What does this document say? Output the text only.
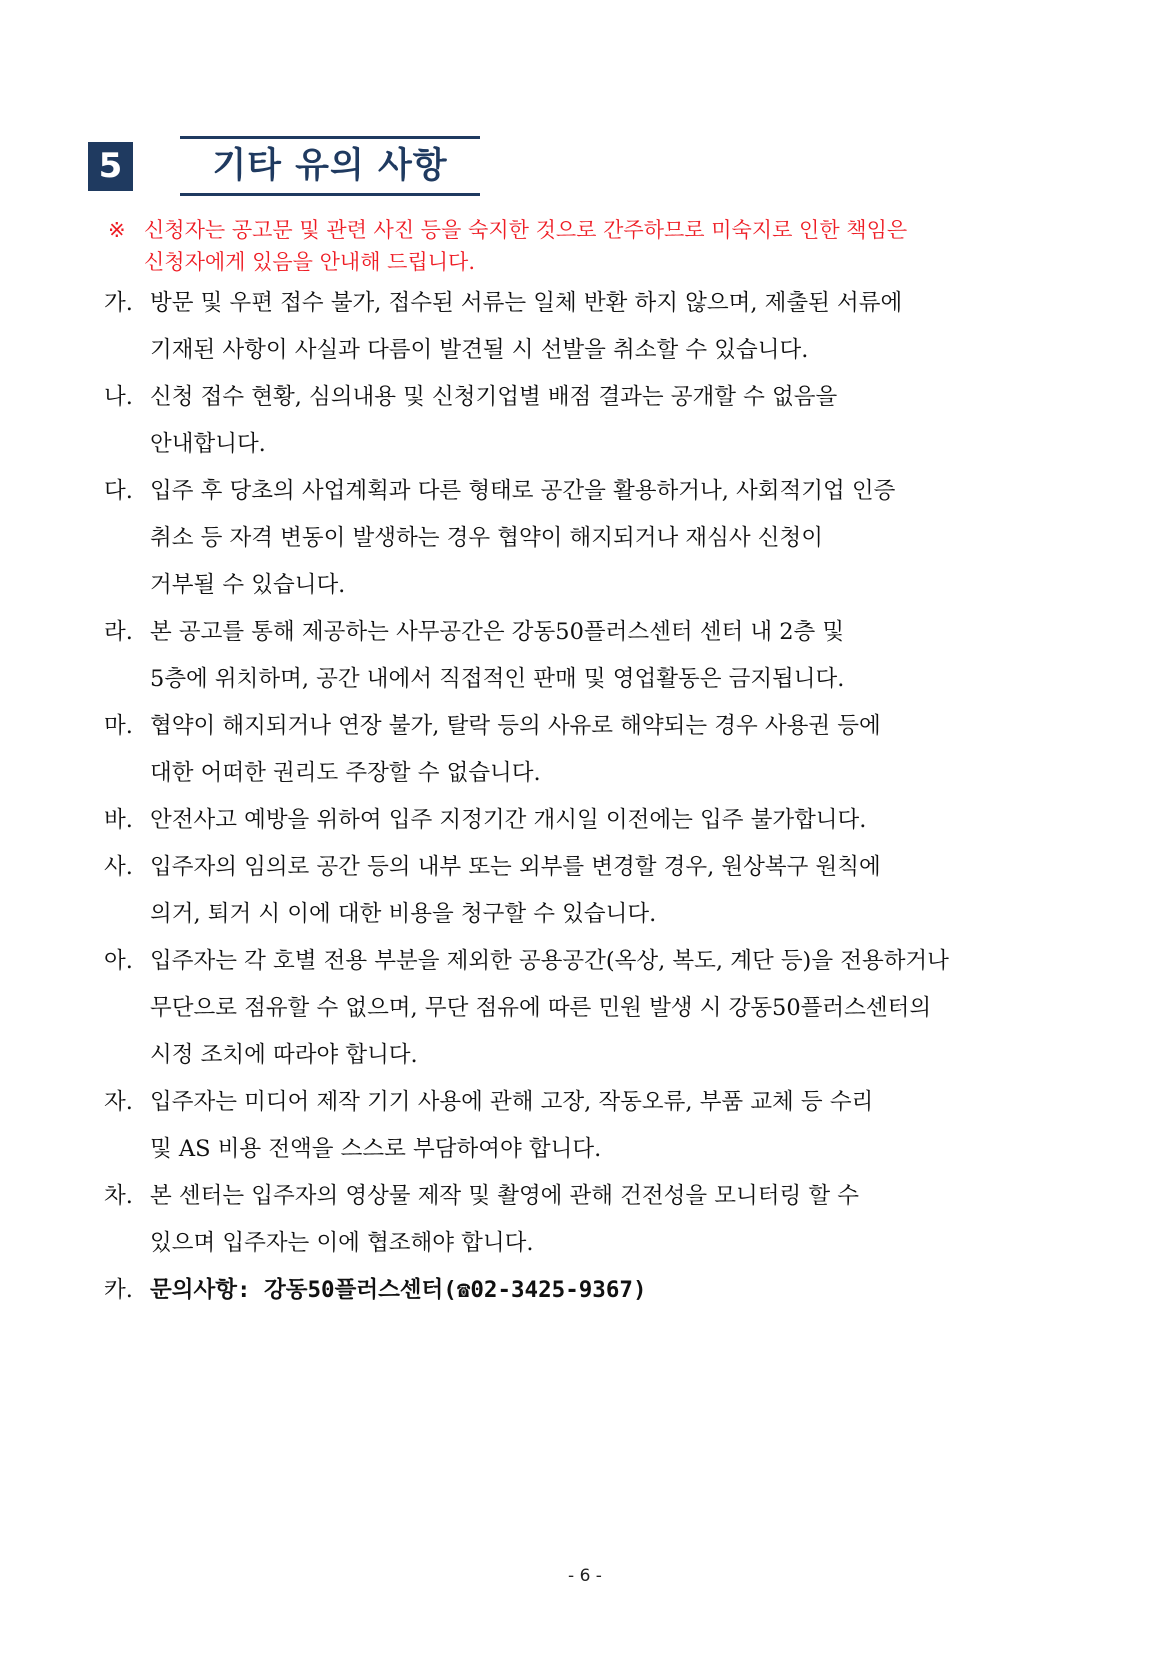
5	기타 유의 사항
※ 신청자는 공고문 및 관련 사진 등을 숙지한 것으로 간주하므로 미숙지로 인한 책임은
신청자에게 있음을 안내해 드립니다.
가. 방문 및 우편 접수 불가, 접수된 서류는 일체 반환 하지 않으며, 제출된 서류에
기재된 사항이 사실과 다름이 발견될 시 선발을 취소할 수 있습니다.
나. 신청 접수 현황, 심의내용 및 신청기업별 배점 결과는 공개할 수 없음을
안내합니다.
다. 입주 후 당초의 사업계획과 다른 형태로 공간을 활용하거나, 사회적기업 인증
취소 등 자격 변동이 발생하는 경우 협약이 해지되거나 재심사 신청이
거부될 수 있습니다.
라. 본 공고를 통해 제공하는 사무공간은 강동50플러스센터 센터 내 2층 및
5층에 위치하며, 공간 내에서 직접적인 판매 및 영업활동은 금지됩니다.
마. 협약이 해지되거나 연장 불가, 탈락 등의 사유로 해약되는 경우 사용권 등에
대한 어떠한 권리도 주장할 수 없습니다.
바. 안전사고 예방을 위하여 입주 지정기간 개시일 이전에는 입주 불가합니다.
사. 입주자의 임의로 공간 등의 내부 또는 외부를 변경할 경우, 원상복구 원칙에
의거, 퇴거 시 이에 대한 비용을 청구할 수 있습니다.
아. 입주자는 각 호별 전용 부분을 제외한 공용공간(옥상, 복도, 계단 등)을 전용하거나
무단으로 점유할 수 없으며, 무단 점유에 따른 민원 발생 시 강동50플러스센터의
시정 조치에 따라야 합니다.
자. 입주자는 미디어 제작 기기 사용에 관해 고장, 작동오류, 부품 교체 등 수리
및 AS 비용 전액을 스스로 부담하여야 합니다.
차. 본 센터는 입주자의 영상물 제작 및 촬영에 관해 건전성을 모니터링 할 수
있으며 입주자는 이에 협조해야 합니다.
카. 문의사항: 강동50플러스센터(☎02-3425-9367)
- 6 -
